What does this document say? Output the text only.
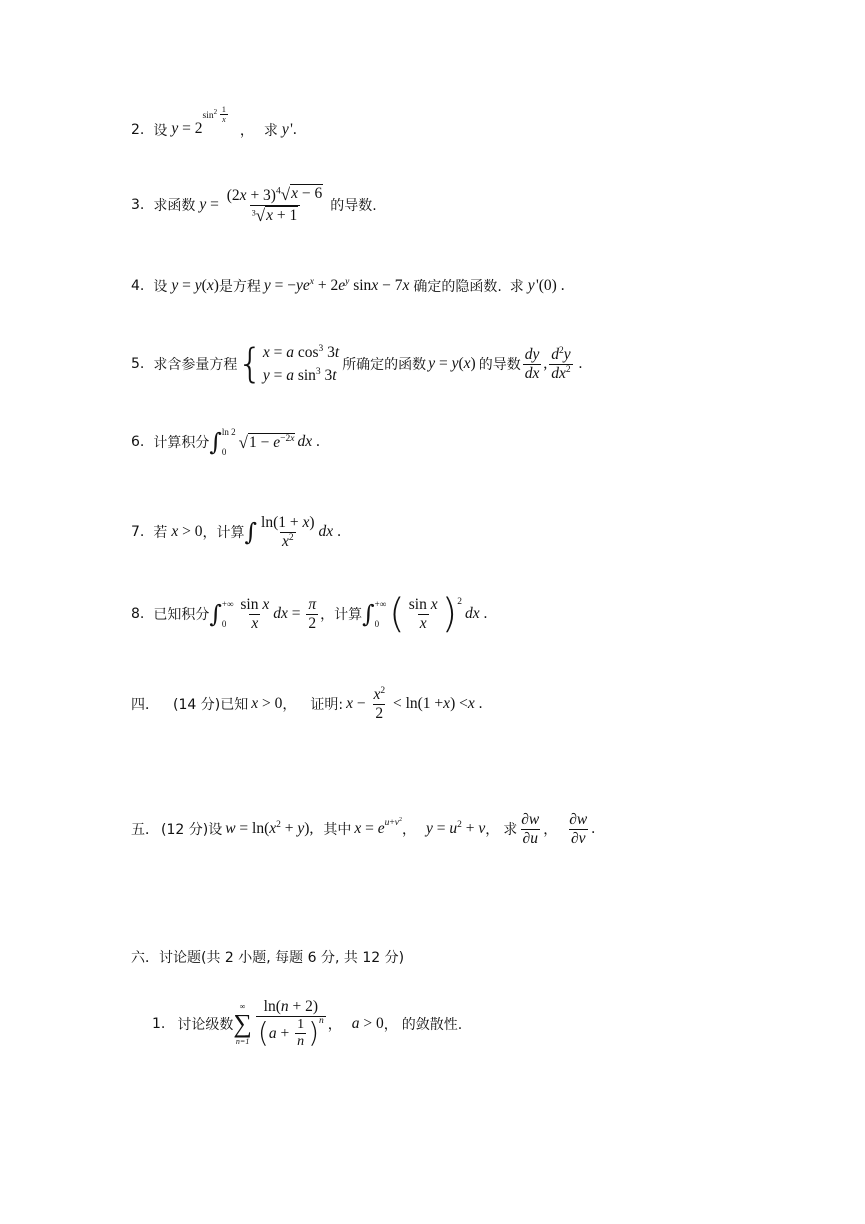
2. 设 $y = 2^{sin^2 \frac{1}{x}}$
， 求 y '.
3. 求函数 $y = \frac{(2x + 3)^4 √ x - 6}{^3 √ x + 1}$ 的导数.
4. 设 y = y(x) 是方程 $y = -ye^x + 2e^y$ sinx − 7x 确定的隐函数. 求 y '(0) .
5. 求含参量方程 { x = a $\cos^3 3t$
y = a $\sin^3 3t$
所确定的函数 y = y(x) 的导数 $\frac{dy}{dx}$ , $\frac{d^2y}{dx^2}$ .
6. 计算积分 ∫ ln 2
0 √ $1 - e^{-2x}$ dx .
7. 若 x > 0 ，计算 ∫ $\frac{\ln(1 + x)}{x^2}$ dx .
8. 已知积分 ∫ +∞
$0 \frac{\text{sin x}}{x}$ dx = $\frac{\pi}{2}$ ，计算 ∫ +∞
0 ( $\frac{\text{sin x}}{x} )^2$
dx .
四． (14 分) 已知 x > 0 ， 证明: $x - \frac{x^2}{2} < \ln(1 + x$ ) < x .
五． (12 分) 设 $w = \ln(x^2 + y)$, 其中 $x = e^{u+v^2}$
， $y = u^2 + v$ ， 求 $\frac{\partial w}{\partial u}$ ， $\frac{\partial w}{\partial v}$ .
六．讨论题(共 2 小题, 每题 6 分, 共 12 分)
1. 讨论级数
∞
∑
$n=1 \frac{\ln(n + 2)}{( a + \frac{1}{n} )^n}$ ， a > 0 ， 的敛散性.
